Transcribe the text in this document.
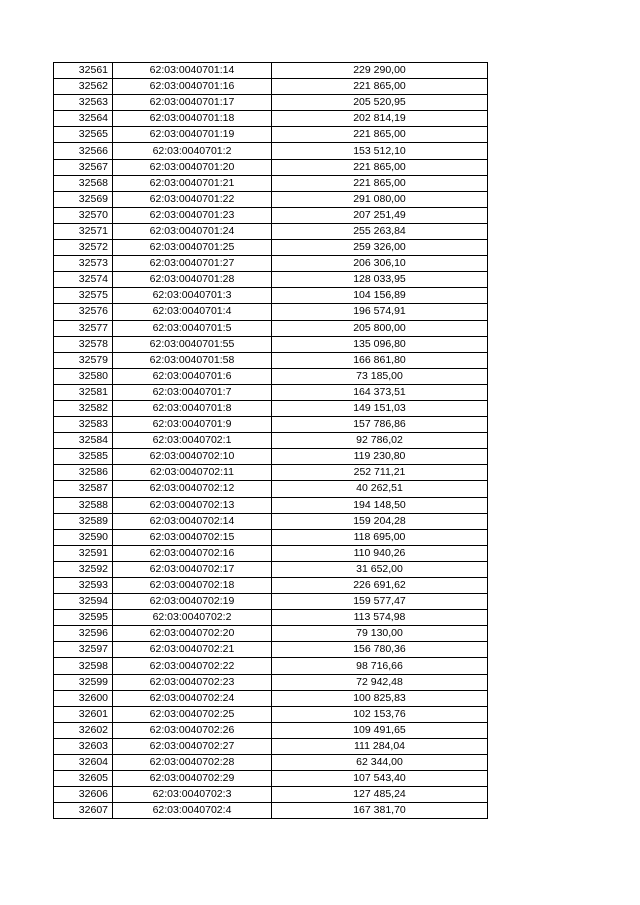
32561	62:03:0040701:14	229 290,00
32562	62:03:0040701:16	221 865,00
32563	62:03:0040701:17	205 520,95
32564	62:03:0040701:18	202 814,19
32565	62:03:0040701:19	221 865,00
32566	62:03:0040701:2	153 512,10
32567	62:03:0040701:20	221 865,00
32568	62:03:0040701:21	221 865,00
32569	62:03:0040701:22	291 080,00
32570	62:03:0040701:23	207 251,49
32571	62:03:0040701:24	255 263,84
32572	62:03:0040701:25	259 326,00
32573	62:03:0040701:27	206 306,10
32574	62:03:0040701:28	128 033,95
32575	62:03:0040701:3	104 156,89
32576	62:03:0040701:4	196 574,91
32577	62:03:0040701:5	205 800,00
32578	62:03:0040701:55	135 096,80
32579	62:03:0040701:58	166 861,80
32580	62:03:0040701:6	73 185,00
32581	62:03:0040701:7	164 373,51
32582	62:03:0040701:8	149 151,03
32583	62:03:0040701:9	157 786,86
32584	62:03:0040702:1	92 786,02
32585	62:03:0040702:10	119 230,80
32586	62:03:0040702:11	252 711,21
32587	62:03:0040702:12	40 262,51
32588	62:03:0040702:13	194 148,50
32589	62:03:0040702:14	159 204,28
32590	62:03:0040702:15	118 695,00
32591	62:03:0040702:16	110 940,26
32592	62:03:0040702:17	31 652,00
32593	62:03:0040702:18	226 691,62
32594	62:03:0040702:19	159 577,47
32595	62:03:0040702:2	113 574,98
32596	62:03:0040702:20	79 130,00
32597	62:03:0040702:21	156 780,36
32598	62:03:0040702:22	98 716,66
32599	62:03:0040702:23	72 942,48
32600	62:03:0040702:24	100 825,83
32601	62:03:0040702:25	102 153,76
32602	62:03:0040702:26	109 491,65
32603	62:03:0040702:27	111 284,04
32604	62:03:0040702:28	62 344,00
32605	62:03:0040702:29	107 543,40
32606	62:03:0040702:3	127 485,24
32607	62:03:0040702:4	167 381,70
